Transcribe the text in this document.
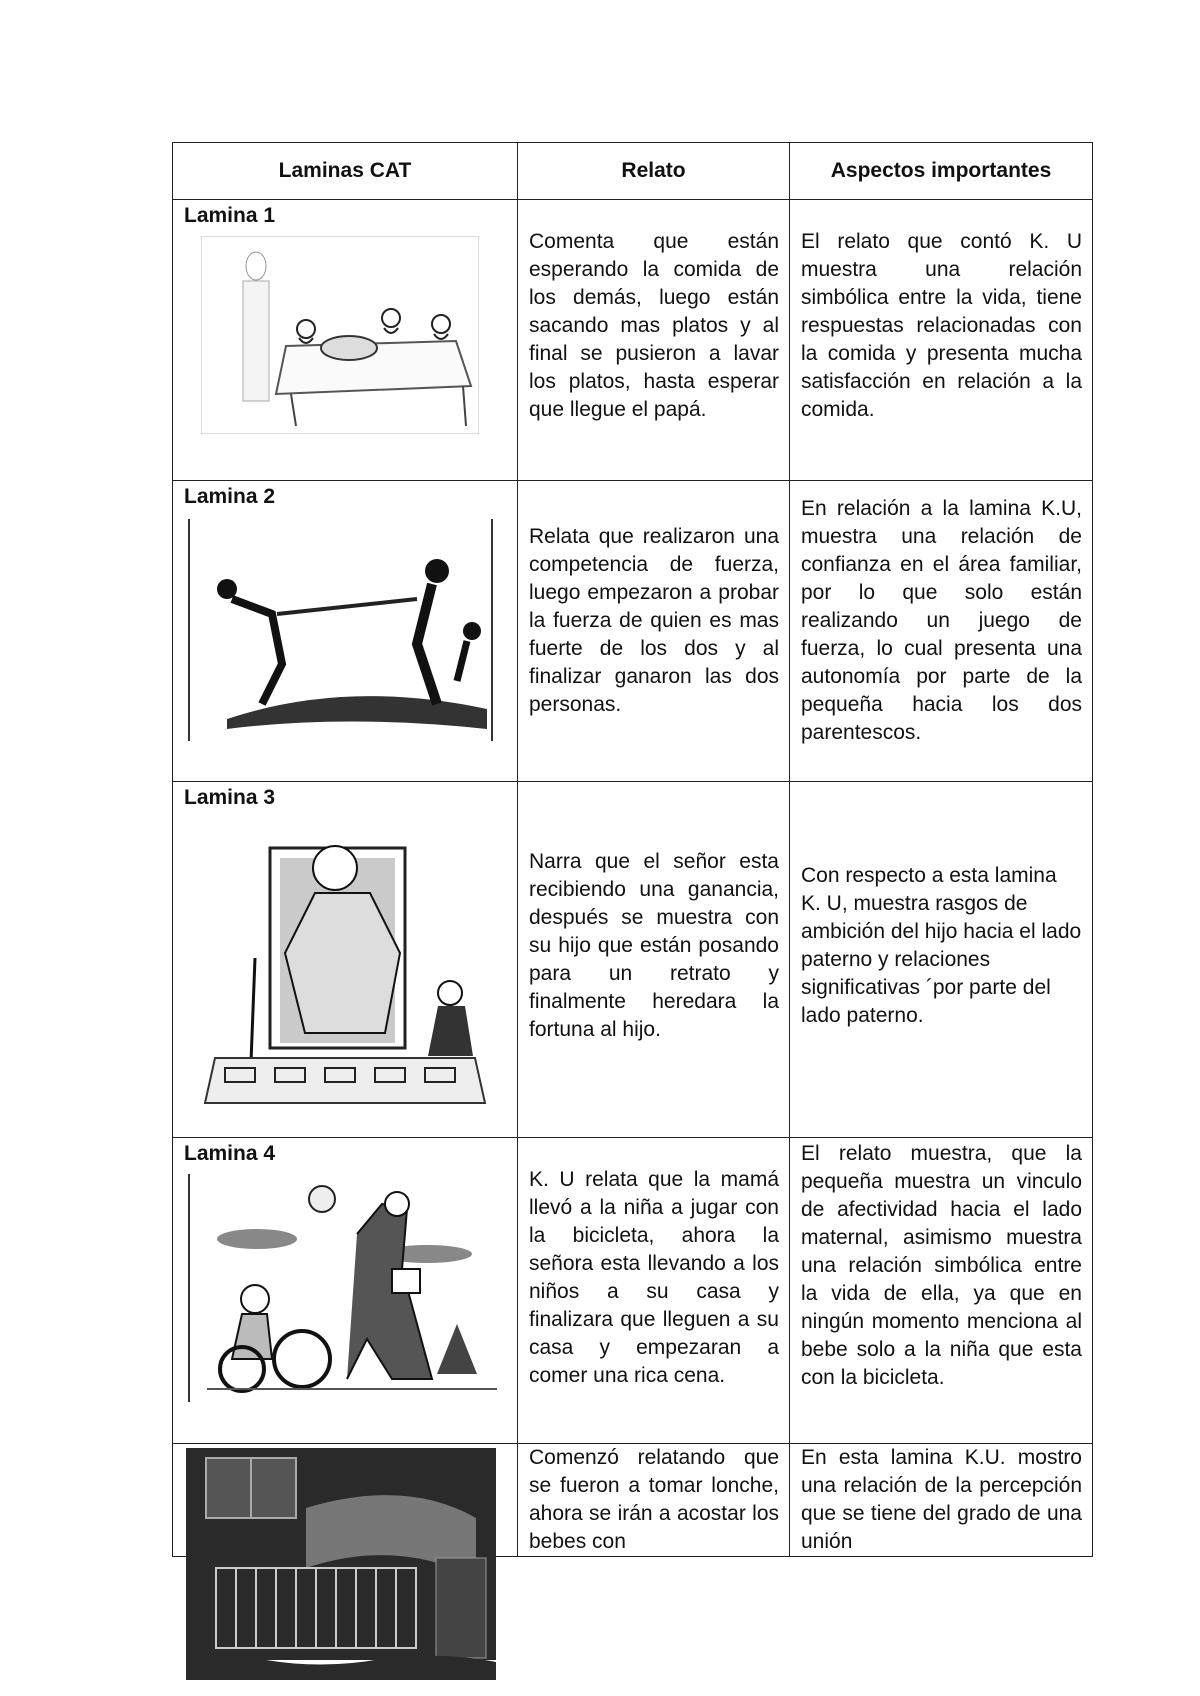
Laminas CAT	Relato	Aspectos importantes

Lamina 1	Comenta que están esperando la comida de los demás, luego están sacando mas platos y al final se pusieron a lavar los platos, hasta esperar que llegue el papá.	El relato que contó K. U muestra una relación simbólica entre la vida, tiene respuestas relacionadas con la comida y presenta mucha satisfacción en relación a la comida.

Lamina 2	Relata que realizaron una competencia de fuerza, luego empezaron a probar la fuerza de quien es mas fuerte de los dos y al finalizar ganaron las dos personas.	En relación a la lamina K.U, muestra una relación de confianza en el área familiar, por lo que solo están realizando un juego de fuerza, lo cual presenta una autonomía por parte de la pequeña hacia los dos parentescos.

Lamina 3	Narra que el señor esta recibiendo una ganancia, después se muestra con su hijo que están posando para un retrato y finalmente heredara la fortuna al hijo.	Con respecto a esta lamina K. U, muestra rasgos de ambición del hijo hacia el lado paterno y relaciones significativas ´por parte del lado paterno.

Lamina 4	K. U relata que la mamá llevó a la niña a jugar con la bicicleta, ahora la señora esta llevando a los niños a su casa y finalizara que lleguen a su casa y empezaran a comer una rica cena.	El relato muestra, que la pequeña muestra un vinculo de afectividad hacia el lado maternal, asimismo muestra una relación simbólica entre la vida de ella, ya que en ningún momento menciona al bebe solo a la niña que esta con la bicicleta.

	Comenzó relatando que se fueron a tomar lonche, ahora se irán a acostar los bebes con	En esta lamina K.U. mostro una relación de la percepción que se tiene del grado de una unión
